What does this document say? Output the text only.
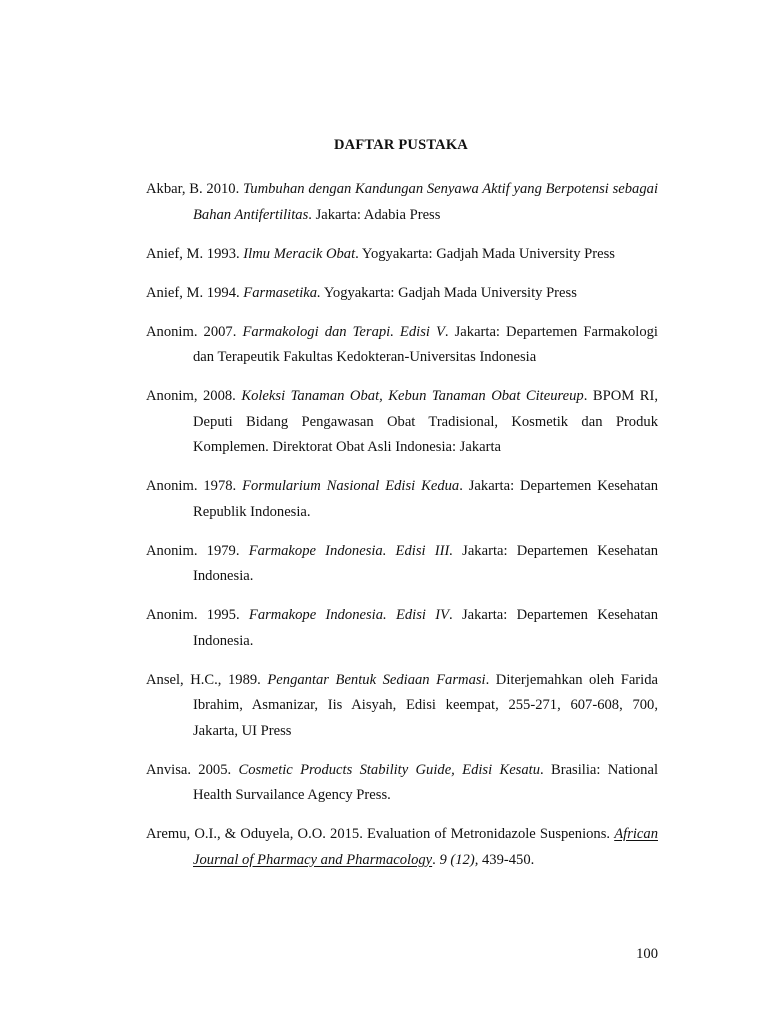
DAFTAR PUSTAKA

Akbar, B. 2010. Tumbuhan dengan Kandungan Senyawa Aktif yang Berpotensi sebagai Bahan Antifertilitas. Jakarta: Adabia Press

Anief, M. 1993. Ilmu Meracik Obat. Yogyakarta: Gadjah Mada University Press

Anief, M. 1994. Farmasetika. Yogyakarta: Gadjah Mada University Press

Anonim. 2007. Farmakologi dan Terapi. Edisi V. Jakarta: Departemen Farmakologi dan Terapeutik Fakultas Kedokteran-Universitas Indonesia

Anonim, 2008. Koleksi Tanaman Obat, Kebun Tanaman Obat Citeureup. BPOM RI, Deputi Bidang Pengawasan Obat Tradisional, Kosmetik dan Produk Komplemen. Direktorat Obat Asli Indonesia: Jakarta

Anonim. 1978. Formularium Nasional Edisi Kedua. Jakarta: Departemen Kesehatan Republik Indonesia.

Anonim. 1979. Farmakope Indonesia. Edisi III. Jakarta: Departemen Kesehatan Indonesia.

Anonim. 1995. Farmakope Indonesia. Edisi IV. Jakarta: Departemen Kesehatan Indonesia.

Ansel, H.C., 1989. Pengantar Bentuk Sediaan Farmasi. Diterjemahkan oleh Farida Ibrahim, Asmanizar, Iis Aisyah, Edisi keempat, 255-271, 607-608, 700, Jakarta, UI Press

Anvisa. 2005. Cosmetic Products Stability Guide, Edisi Kesatu. Brasilia: National Health Survailance Agency Press.

Aremu, O.I., & Oduyela, O.O. 2015. Evaluation of Metronidazole Suspenions. African Journal of Pharmacy and Pharmacology. 9 (12), 439-450.

100
